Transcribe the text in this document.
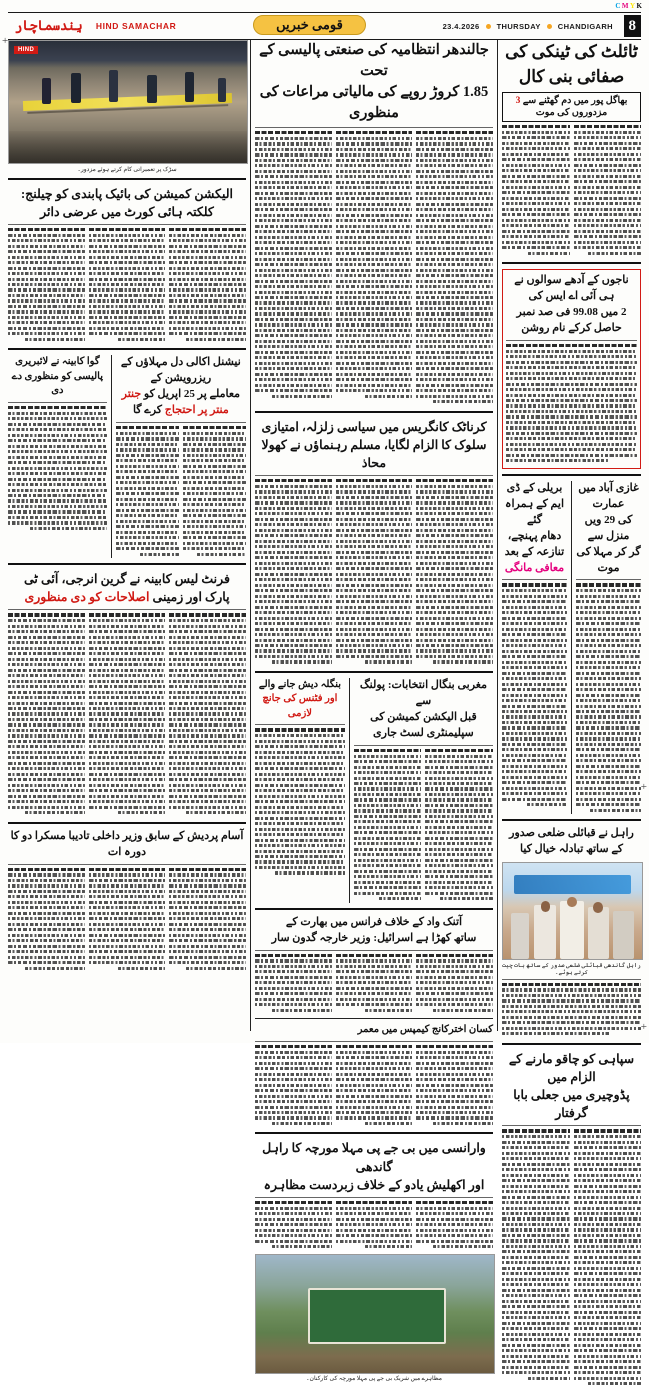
+
+
+
CMYK
ہِندسماچار HIND SAMACHAR	قومی خبریں	23.4.2026 THURSDAY CHANDIGARH	8
HIND
سڑک پر تعمیراتی کام کرتے ہوئے مزدور۔
الیکشن کمیشن کی بائیک پابندی کو چیلنج:
کلکتہ ہائی کورٹ میں عرضی دائر
نیشنل اکالی دل مہلاؤں کے ریزرویشن کے
معاملے پر 25 اپریل کو جنتر منتر پر احتجاج کرے گا
گوا کابینہ نے لائبریری پالیسی کو منظوری دے دی
فرنٹ لیس کابینہ نے گرین انرجی، آئی ٹی
پارک اور زمینی اصلاحات کو دی منظوری
آسام پردیش کے سابق وزیر داخلی تادیبا مسکرا دو کا دورہ ات
جالندھر انتظامیہ کی صنعتی پالیسی کے تحت
1.85 کروڑ روپے کی مالیاتی مراعات کی منظوری
کرناٹک کانگریس میں سیاسی زلزلہ، امتیازی
سلوک کا الزام لگایا، مسلم رہنماؤں نے کھولا محاذ
مغربی بنگال انتخابات: پولنگ سے
قبل الیکشن کمیشن کی سپلیمنٹری لسٹ جاری
بنگلہ دیش جانے والے
اور فٹنس کی جانچ لازمی
آتنک واد کے خلاف فرانس میں بھارت کے
ساتھ کھڑا ہے اسرائیل: وزیر خارجہ گدون سار
کسان اخترکانج کیمپس میں معمر
وارانسی میں بی جے پی مہلا مورچہ کا راہل گاندھی
اور اکھلیش یادو کے خلاف زبردست مظاہرہ
مظاہرے میں شریک بی جے پی مہلا مورچہ کی کارکنان۔
ٹائلٹ کی ٹینکی کی صفائی بنی کال
بھاگل پور میں دم گھٹنے سے 3 مزدوروں کی موت
ناجوں کے آدھے سوالوں نے ہی آئی اے ایس کی
2 میں 99.08 فی صد نمبر حاصل کرکے نام روشن
غازی آباد میں عمارت
کی 29 ویں منزل سے
گر کر مہلا کی موت
بریلی کے ڈی ایم کے ہمراہ گئے
دھام پہنچے، تنازعہ کے بعد معافی مانگی
راہل نے قبائلی ضلعی صدور کے ساتھ تبادلہ خیال کیا
راہل گاندھی قبائلی ضلعی صدور کے ساتھ بات چیت کرتے ہوئے۔
سپاہی کو چاقو مارنے کے الزام میں
پڈوچیری میں جعلی بابا گرفتار
